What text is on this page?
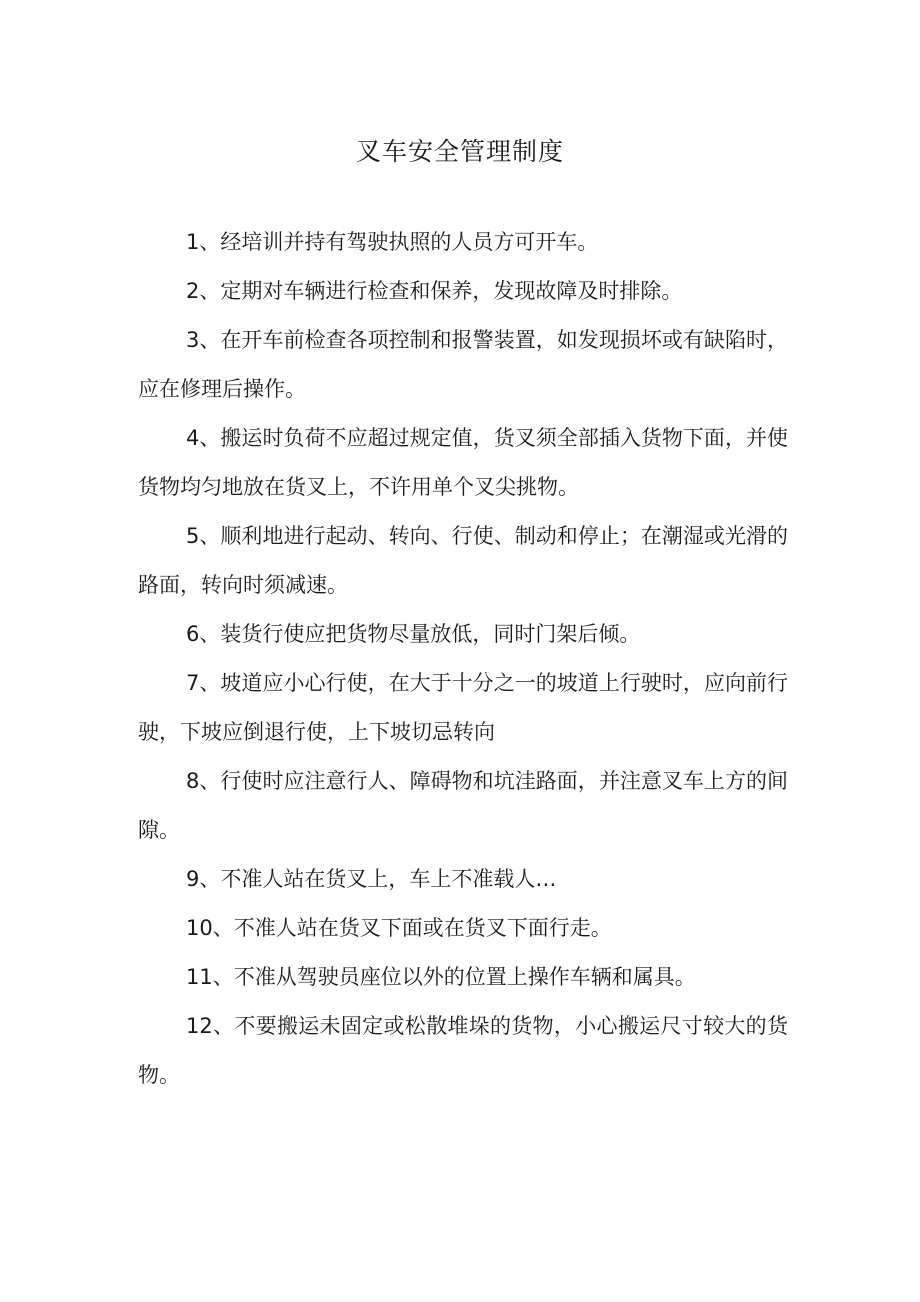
叉车安全管理制度

1、经培训并持有驾驶执照的人员方可开车。

2、定期对车辆进行检查和保养，发现故障及时排除。

3、在开车前检查各项控制和报警装置，如发现损坏或有缺陷时，应在修理后操作。

4、搬运时负荷不应超过规定值，货叉须全部插入货物下面，并使货物均匀地放在货叉上，不许用单个叉尖挑物。

5、顺利地进行起动、转向、行使、制动和停止；在潮湿或光滑的路面，转向时须减速。

6、装货行使应把货物尽量放低，同时门架后倾。

7、坡道应小心行使，在大于十分之一的坡道上行驶时，应向前行驶，下坡应倒退行使，上下坡切忌转向

8、行使时应注意行人、障碍物和坑洼路面，并注意叉车上方的间隙。

9、不准人站在货叉上，车上不准载人…

10、不准人站在货叉下面或在货叉下面行走。

11、不准从驾驶员座位以外的位置上操作车辆和属具。

12、不要搬运未固定或松散堆垛的货物，小心搬运尺寸较大的货物。
